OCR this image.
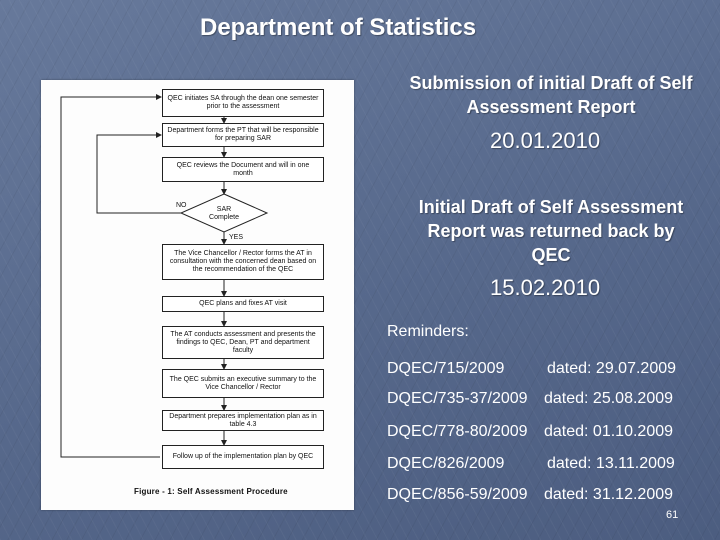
Department of Statistics
QEC initiates SA through the dean one semester prior to the assessment
Department forms the PT that will be responsible for preparing SAR
QEC reviews the Document and will in one month
SAR Complete
NO
YES
The Vice Chancellor / Rector forms the AT in consultation with the concerned dean based on the recommendation of the QEC
QEC plans and fixes AT visit
The AT conducts assessment and presents the findings to QEC, Dean, PT and department faculty
The QEC submits an executive summary to the Vice Chancellor / Rector
Department prepares implementation plan as in table 4.3
Follow up of the implementation plan by QEC
Figure - 1: Self Assessment Procedure
Submission of initial Draft of Self
Assessment Report
20.01.2010
Initial Draft of Self Assessment
Report was returned back by
QEC
15.02.2010
Reminders:
DQEC/715/2009	dated: 29.07.2009
DQEC/735-37/2009 dated: 25.08.2009
DQEC/778-80/2009 dated: 01.10.2009
DQEC/826/2009	dated: 13.11.2009
DQEC/856-59/2009 dated: 31.12.2009
61
